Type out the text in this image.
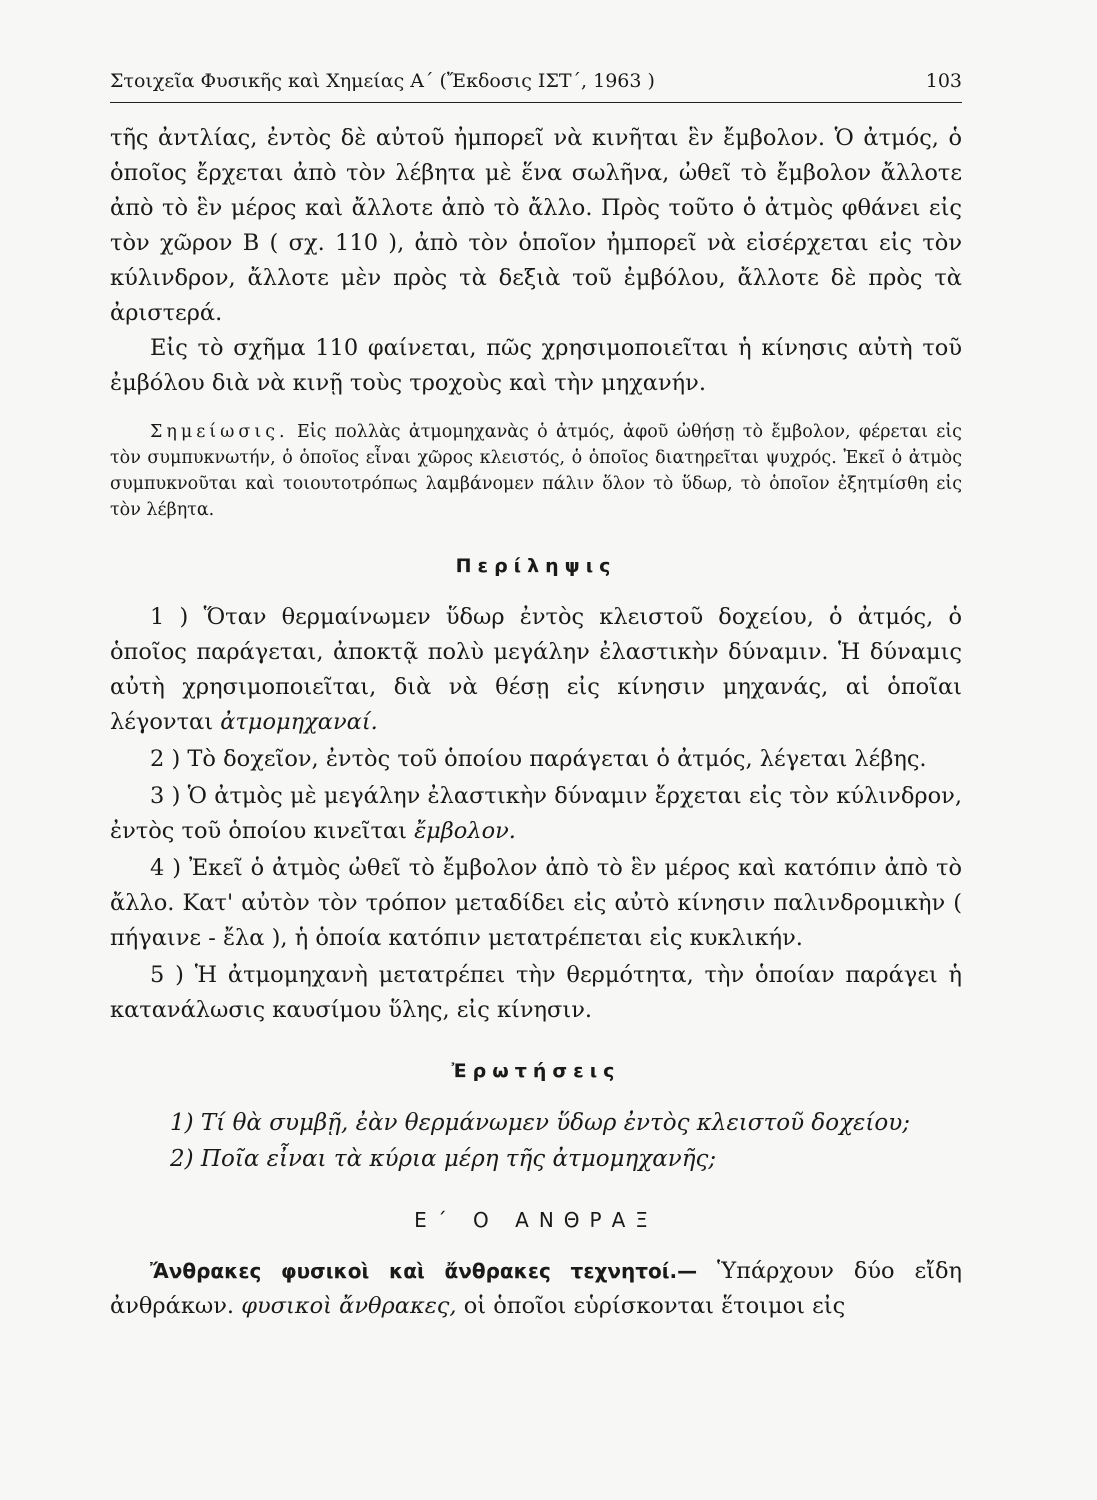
Στοιχεῖα Φυσικῆς καὶ Χημείας Α΄ (Ἔκδοσις ΙΣΤ΄, 1963 )	103

τῆς ἀντλίας, ἐντὸς δὲ αὐτοῦ ἠμπορεῖ νὰ κινῆται ἓν ἔμβολον. Ὁ ἀτμός, ὁ ὁποῖος ἔρχεται ἀπὸ τὸν λέβητα μὲ ἕνα σωλῆνα, ὠθεῖ τὸ ἔμβολον ἄλλοτε ἀπὸ τὸ ἓν μέρος καὶ ἄλλοτε ἀπὸ τὸ ἄλλο. Πρὸς τοῦτο ὁ ἀτμὸς φθάνει εἰς τὸν χῶρον Β ( σχ. 110 ), ἀπὸ τὸν ὁποῖον ἠμπορεῖ νὰ εἰσέρχεται εἰς τὸν κύλινδρον, ἄλλοτε μὲν πρὸς τὰ δεξιὰ τοῦ ἐμβόλου, ἄλλοτε δὲ πρὸς τὰ ἀριστερά.

Εἰς τὸ σχῆμα 110 φαίνεται, πῶς χρησιμοποιεῖται ἡ κίνησις αὐτὴ τοῦ ἐμβόλου διὰ νὰ κινῇ τοὺς τροχοὺς καὶ τὴν μηχανήν.

Σημείωσις. Εἰς πολλὰς ἀτμομηχανὰς ὁ ἀτμός, ἀφοῦ ὠθήσῃ τὸ ἔμβολον, φέρεται εἰς τὸν συμπυκνωτήν, ὁ ὁποῖος εἶναι χῶρος κλειστός, ὁ ὁποῖος διατηρεῖται ψυχρός. Ἐκεῖ ὁ ἀτμὸς συμπυκνοῦται καὶ τοιουτοτρόπως λαμβάνομεν πάλιν ὅλον τὸ ὕδωρ, τὸ ὁποῖον ἐξητμίσθη εἰς τὸν λέβητα.
Περίληψις

1 ) Ὅταν θερμαίνωμεν ὕδωρ ἐντὸς κλειστοῦ δοχείου, ὁ ἀτμός, ὁ ὁποῖος παράγεται, ἀποκτᾷ πολὺ μεγάλην ἐλαστικὴν δύναμιν. Ἡ δύναμις αὐτὴ χρησιμοποιεῖται, διὰ νὰ θέσῃ εἰς κίνησιν μηχανάς, αἱ ὁποῖαι λέγονται ἀτμομηχαναί.

2 ) Τὸ δοχεῖον, ἐντὸς τοῦ ὁποίου παράγεται ὁ ἀτμός, λέγεται λέβης.

3 ) Ὁ ἀτμὸς μὲ μεγάλην ἐλαστικὴν δύναμιν ἔρχεται εἰς τὸν κύλινδρον, ἐντὸς τοῦ ὁποίου κινεῖται ἔμβολον.

4 ) Ἐκεῖ ὁ ἀτμὸς ὠθεῖ τὸ ἔμβολον ἀπὸ τὸ ἓν μέρος καὶ κατόπιν ἀπὸ τὸ ἄλλο. Κατ' αὐτὸν τὸν τρόπον μεταδίδει εἰς αὐτὸ κίνησιν παλινδρομικὴν ( πήγαινε - ἔλα ), ἡ ὁποία κατόπιν μετατρέπεται εἰς κυκλικήν.

5 ) Ἡ ἀτμομηχανὴ μετατρέπει τὴν θερμότητα, τὴν ὁποίαν παράγει ἡ κατανάλωσις καυσίμου ὕλης, εἰς κίνησιν.

Ἐρωτήσεις

1) Τί θὰ συμβῇ, ἐὰν θερμάνωμεν ὕδωρ ἐντὸς κλειστοῦ δοχείου;

2) Ποῖα εἶναι τὰ κύρια μέρη τῆς ἀτμομηχανῆς;

Ε΄ Ο ΑΝΘΡΑΞ

Ἄνθρακες φυσικοὶ καὶ ἄνθρακες τεχνητοί.— Ὑπάρχουν δύο εἴδη ἀνθράκων. φυσικοὶ ἄνθρακες, οἱ ὁποῖοι εὑρίσκονται ἕτοιμοι εἰς
